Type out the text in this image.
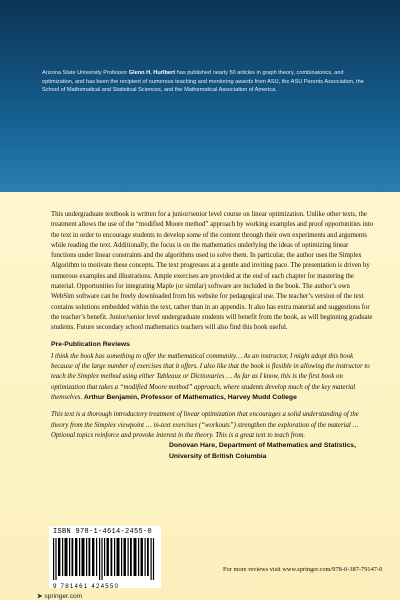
Arizona State University Professor Glenn H. Hurlbert has published nearly 50 articles in graph theory, combinatorics, and optimization, and has been the recipient of numerous teaching and mentoring awards from ASU, the ASU Parents Association, the School of Mathematical and Statistical Sciences, and the Mathematical Association of America.

This undergraduate textbook is written for a junior/senior level course on linear optimization. Unlike other texts, the treatment allows the use of the “modified Moore method” approach by working examples and proof opportunities into the text in order to encourage students to develop some of the content through their own experiments and arguments while reading the text. Additionally, the focus is on the mathematics underlying the ideas of optimizing linear functions under linear constraints and the algorithms used to solve them. In particular, the author uses the Simplex Algorithm to motivate these concepts. The text progresses at a gentle and inviting pace. The presentation is driven by numerous examples and illustrations. Ample exercises are provided at the end of each chapter for mastering the material. Opportunities for integrating Maple (or similar) software are included in the book. The author’s own WebSim software can be freely downloaded from his website for pedagogical use. The teacher’s version of the text contains solutions embedded within the text, rather than in an appendix. It also has extra material and suggestions for the teacher’s benefit. Junior/senior level undergraduate students will benefit from the book, as will beginning graduate students. Future secondary school mathematics teachers will also find this book useful.

Pre-Publication Reviews

I think the book has something to offer the mathematical community… As an instructor, I might adopt this book because of the large number of exercises that it offers. I also like that the book is flexible in allowing the instructor to teach the Simplex method using either Tableaux or Dictionaries … As far as I know, this is the first book on optimization that takes a “modified Moore method” approach, where students develop much of the key material themselves. Arthur Benjamin, Professor of Mathematics, Harvey Mudd College

This text is a thorough introductory treatment of linear optimization that encourages a solid understanding of the theory from the Simplex viewpoint … in-text exercises (“workouts”) strengthen the exploration of the material … Optional topics reinforce and provoke interest in the theory. This is a great text to teach from.
Donovan Hare, Department of Mathematics and Statistics, University of British Columbia

ISBN 978-1-4614-2455-0
9 781461 424550
For more reviews visit www.springer.com/978-0-387-79147-0
➤ springer.com
